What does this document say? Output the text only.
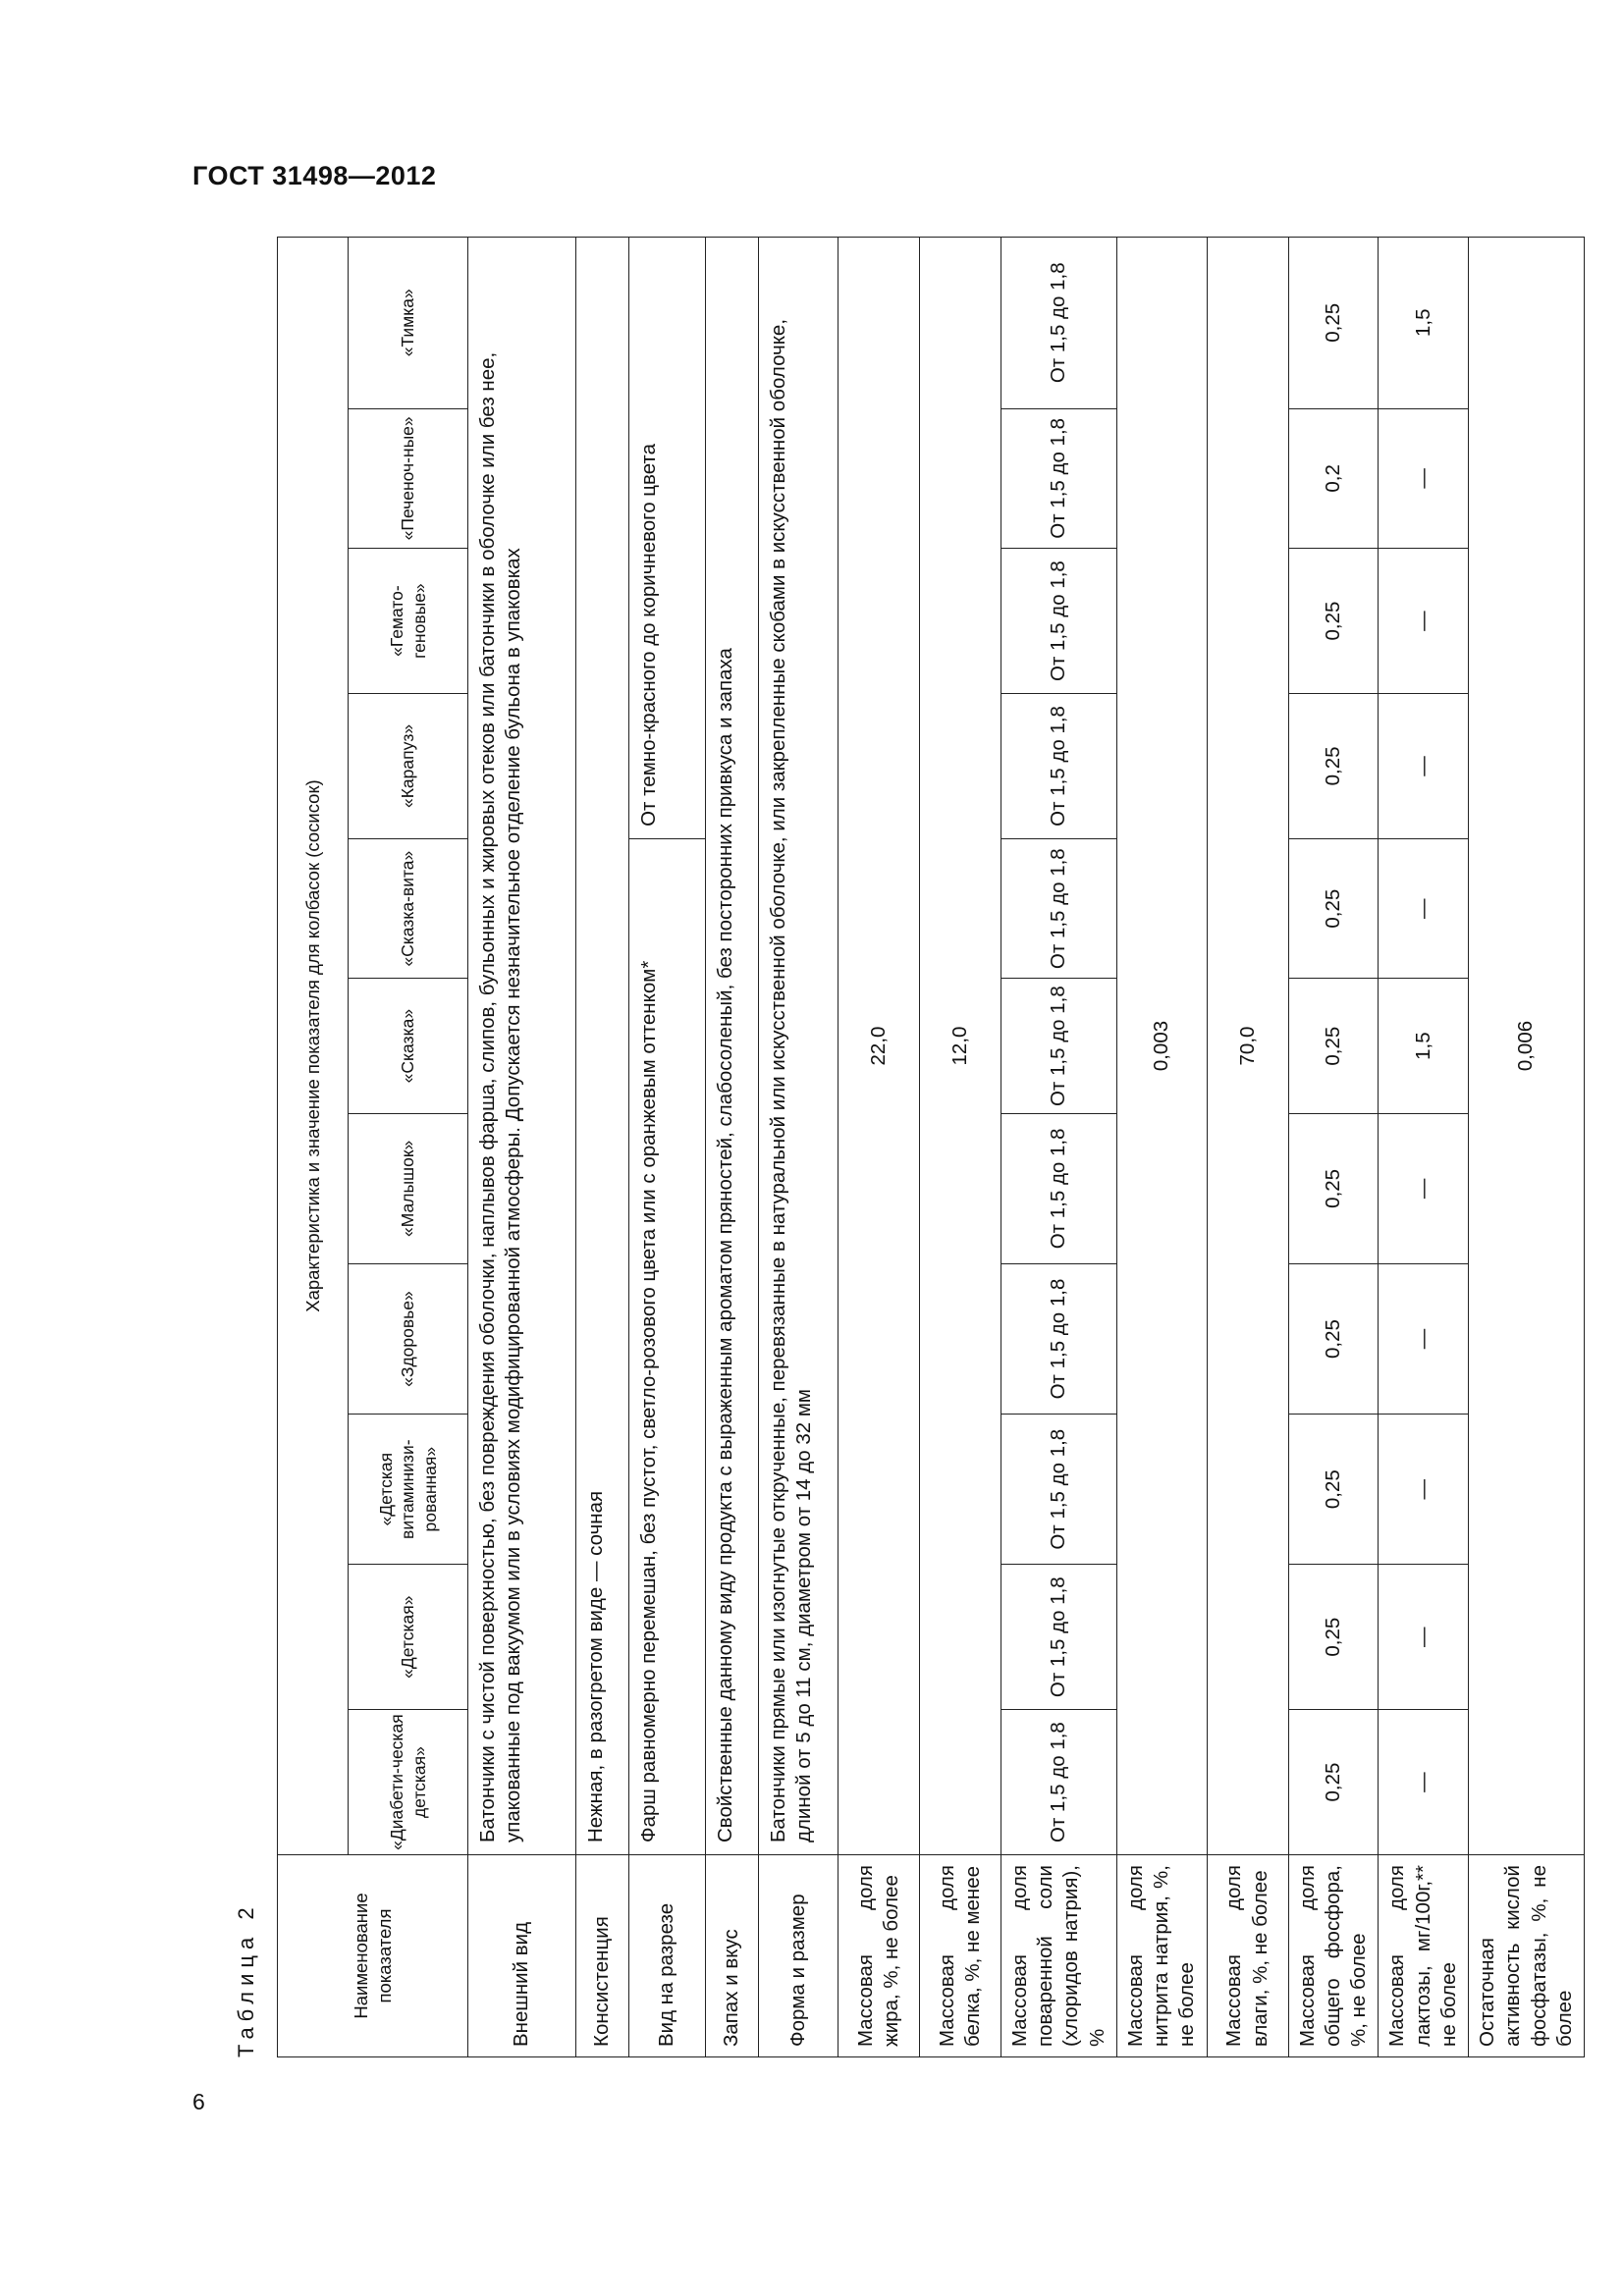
ГОСТ 31498—2012
Таблица 2	Наименование показателя	Характеристика и значение показателя для колбасок (сосисок)										
	«Диабети-ческая детская»	«Детская»	«Детская витаминизи-рованная»	«Здоровье»	«Малышок»	«Сказка»	«Сказка-вита»	«Карапуз»	«Гемато-геновые»	«Печеноч-ные»	«Тимка»
Внешний вид	Батончики с чистой поверхностью, без повреждения оболочки, наплывов фарша, слипов, бульонных и жировых отеков или батончики в оболочке или без нее, упакованные под вакуумом или в условиях модифицированной атмосферы. Допускается незначительное отделение бульона в упаковках										
Консистенция	Нежная, в разогретом виде — сочная										
Вид на разрезе	Фарш равномерно перемешан, без пустот, светло-розового цвета или с оранжевым оттенком*							От темно-красного до коричневого цвета			
Запах и вкус	Свойственные данному виду продукта с выраженным ароматом пряностей, слабосоленый, без посторонних привкуса и запаха										
Форма и размер	Батончики прямые или изогнутые открученные, перевязанные в натуральной или искусственной оболочке, или закрепленные скобами в искусственной оболочке, длиной от 5 до 11 см, диаметром от 14 до 32 мм										
Массовая доля жира, %, не более	22,0										
Массовая доля белка, %, не менее	12,0										
Массовая доля поваренной соли (хлоридов натрия), %	От 1,5 до 1,8	От 1,5 до 1,8	От 1,5 до 1,8	От 1,5 до 1,8	От 1,5 до 1,8	От 1,5 до 1,8	От 1,5 до 1,8	От 1,5 до 1,8	От 1,5 до 1,8	От 1,5 до 1,8	От 1,5 до 1,8
Массовая доля нитрита натрия, %, не более	0,003										
Массовая доля влаги, %, не более	70,0										
Массовая доля общего фосфора, %, не более	0,25	0,25	0,25	0,25	0,25	0,25	0,25	0,25	0,25	0,2	0,25
Массовая доля лактозы, мг/100г,** не более	—	—	—	—	—	1,5	—	—	—	—	1,5
Остаточная активность кислой фосфатазы, %, не более	0,006										
6
